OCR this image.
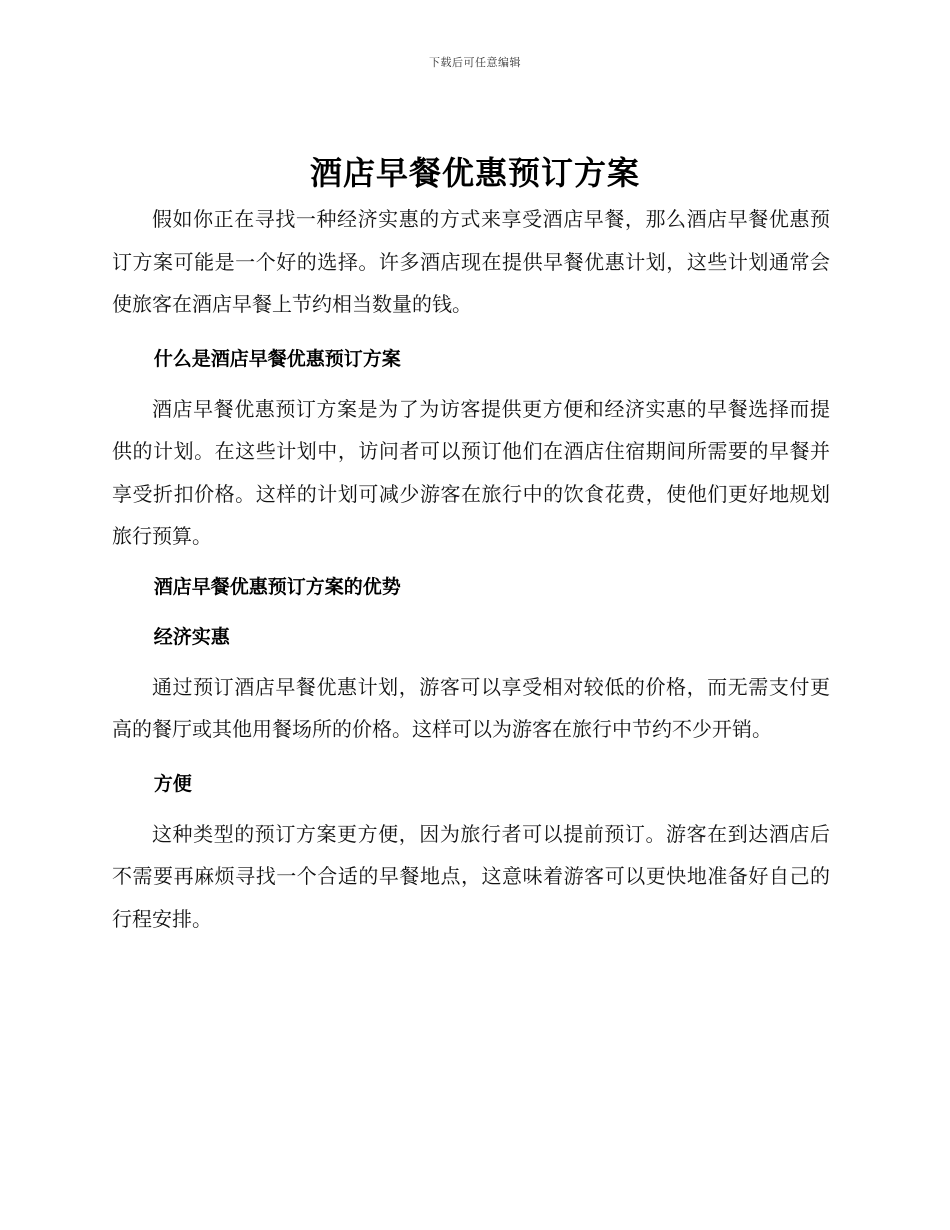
下载后可任意编辑
酒店早餐优惠预订方案

假如你正在寻找一种经济实惠的方式来享受酒店早餐，那么酒店早餐优惠预订方案可能是一个好的选择。许多酒店现在提供早餐优惠计划，这些计划通常会使旅客在酒店早餐上节约相当数量的钱。

什么是酒店早餐优惠预订方案

酒店早餐优惠预订方案是为了为访客提供更方便和经济实惠的早餐选择而提供的计划。在这些计划中，访问者可以预订他们在酒店住宿期间所需要的早餐并享受折扣价格。这样的计划可减少游客在旅行中的饮食花费，使他们更好地规划旅行预算。

酒店早餐优惠预订方案的优势

经济实惠

通过预订酒店早餐优惠计划，游客可以享受相对较低的价格，而无需支付更高的餐厅或其他用餐场所的价格。这样可以为游客在旅行中节约不少开销。

方便

这种类型的预订方案更方便，因为旅行者可以提前预订。游客在到达酒店后不需要再麻烦寻找一个合适的早餐地点，这意味着游客可以更快地准备好自己的行程安排。
